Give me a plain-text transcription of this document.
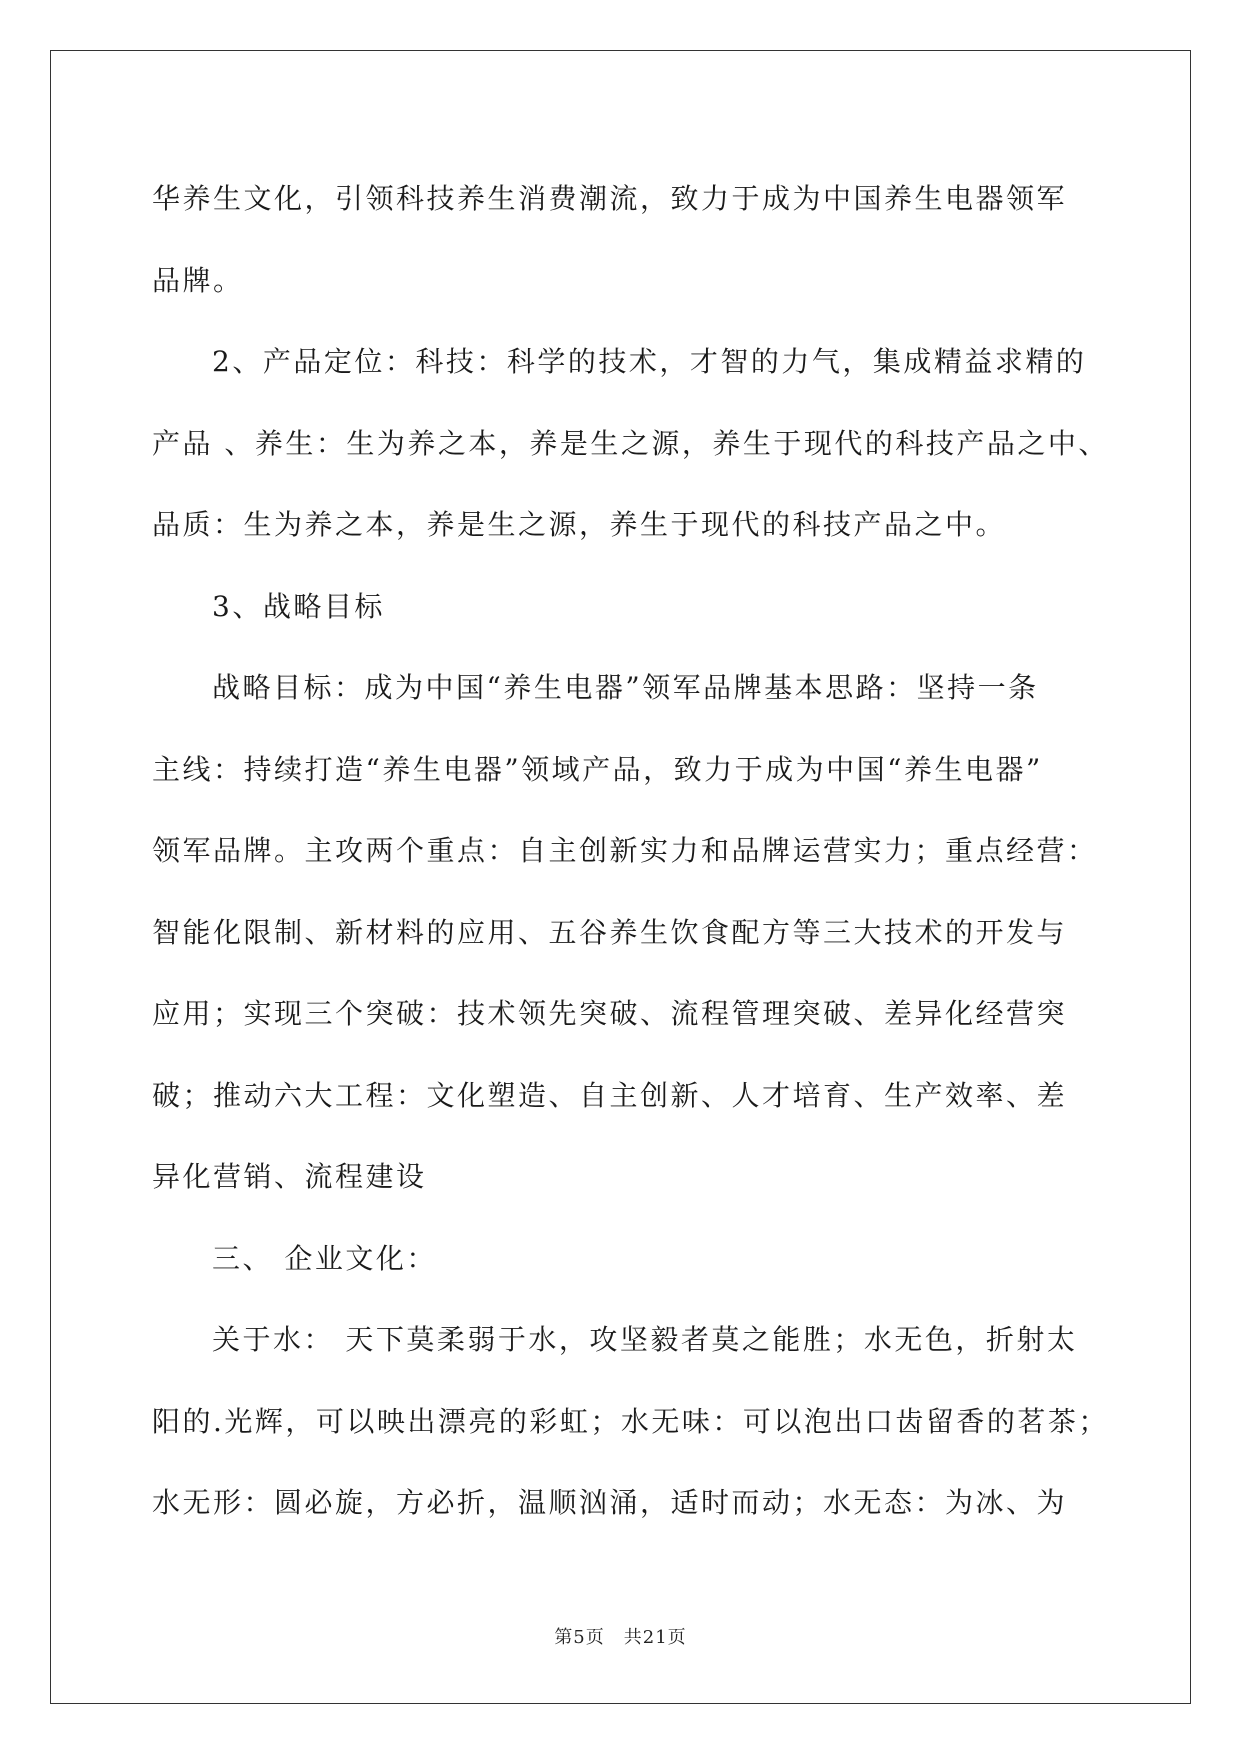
华养生文化，引领科技养生消费潮流，致力于成为中国养生电器领军
品牌。

2、产品定位：科技：科学的技术，才智的力气，集成精益求精的
产品 、养生：生为养之本，养是生之源，养生于现代的科技产品之中、
品质：生为养之本，养是生之源，养生于现代的科技产品之中。

3、战略目标

战略目标：成为中国“养生电器”领军品牌基本思路：坚持一条
主线：持续打造“养生电器”领域产品，致力于成为中国“养生电器”
领军品牌。主攻两个重点：自主创新实力和品牌运营实力；重点经营：
智能化限制、新材料的应用、五谷养生饮食配方等三大技术的开发与
应用；实现三个突破：技术领先突破、流程管理突破、差异化经营突
破；推动六大工程：文化塑造、自主创新、人才培育、生产效率、差
异化营销、流程建设

三、 企业文化：

关于水： 天下莫柔弱于水，攻坚毅者莫之能胜；水无色，折射太
阳的.光辉，可以映出漂亮的彩虹；水无味：可以泡出口齿留香的茗茶；
水无形：圆必旋，方必折，温顺汹涌，适时而动；水无态：为冰、为

第5页　共21页
